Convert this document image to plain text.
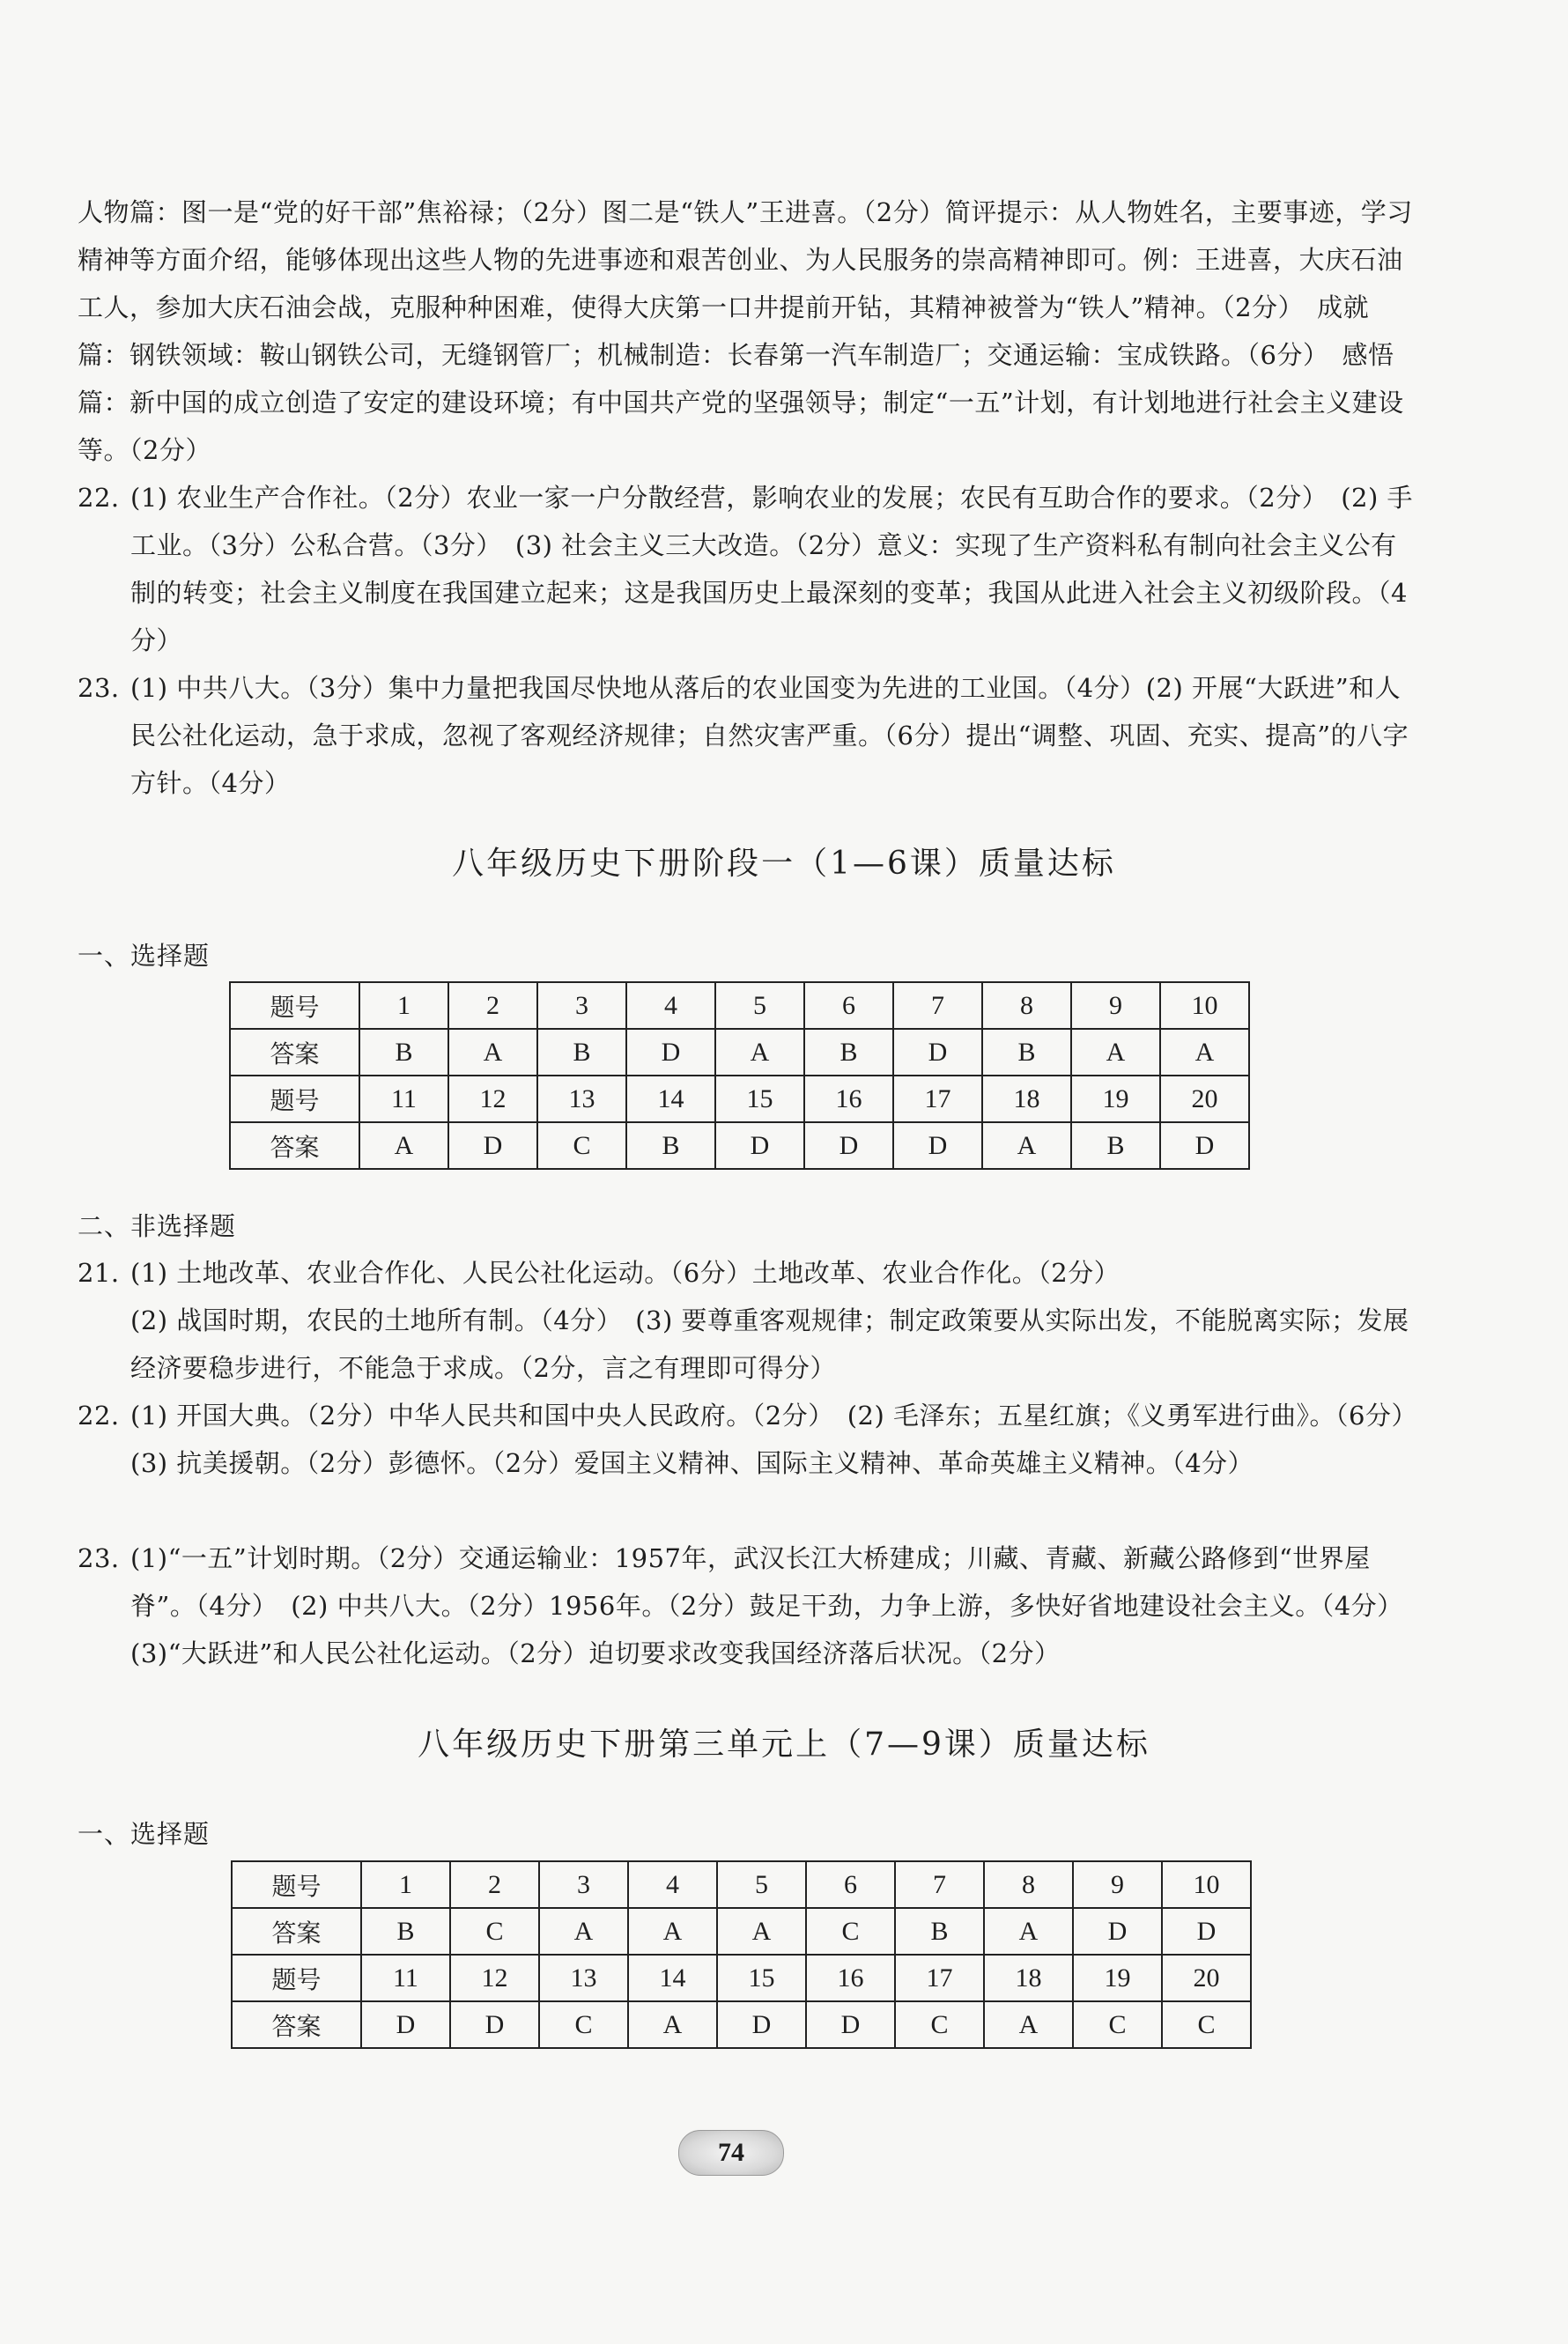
人物篇：图一是“党的好干部”焦裕禄；（2分）图二是“铁人”王进喜。（2分）简评提示：从人物姓名，主要事迹，学习精神等方面介绍，能够体现出这些人物的先进事迹和艰苦创业、为人民服务的崇高精神即可。例：王进喜，大庆石油工人，参加大庆石油会战，克服种种困难，使得大庆第一口井提前开钻，其精神被誉为“铁人”精神。（2分）　成就篇：钢铁领域：鞍山钢铁公司，无缝钢管厂；机械制造：长春第一汽车制造厂；交通运输：宝成铁路。（6分）　感悟篇：新中国的成立创造了安定的建设环境；有中国共产党的坚强领导；制定“一五”计划，有计划地进行社会主义建设等。（2分）

22. (1) 农业生产合作社。（2分）农业一家一户分散经营，影响农业的发展；农民有互助合作的要求。（2分）　(2) 手工业。（3分）公私合营。（3分）　(3) 社会主义三大改造。（2分）意义：实现了生产资料私有制向社会主义公有制的转变；社会主义制度在我国建立起来；这是我国历史上最深刻的变革；我国从此进入社会主义初级阶段。（4分）

23. (1) 中共八大。（3分）集中力量把我国尽快地从落后的农业国变为先进的工业国。（4分）(2) 开展“大跃进”和人民公社化运动，急于求成，忽视了客观经济规律；自然灾害严重。（6分）提出“调整、巩固、充实、提高”的八字方针。（4分）

八年级历史下册阶段一（1—6课）质量达标
一、选择题
题号	1	2	3	4	5	6	7	8	9	10
答案	B	A	B	D	A	B	D	B	A	A
题号	11	12	13	14	15	16	17	18	19	20
答案	A	D	C	B	D	D	D	A	B	D
二、非选择题

21. (1) 土地改革、农业合作化、人民公社化运动。（6分）土地改革、农业合作化。（2分）

(2) 战国时期，农民的土地所有制。（4分）　(3) 要尊重客观规律；制定政策要从实际出发，不能脱离实际；发展经济要稳步进行，不能急于求成。（2分，言之有理即可得分）

22. (1) 开国大典。（2分）中华人民共和国中央人民政府。（2分）　(2) 毛泽东；五星红旗；《义勇军进行曲》。（6分）　(3) 抗美援朝。（2分）彭德怀。（2分）爱国主义精神、国际主义精神、革命英雄主义精神。（4分）

23. (1)“一五”计划时期。（2分）交通运输业：1957年，武汉长江大桥建成；川藏、青藏、新藏公路修到“世界屋脊”。（4分）　(2) 中共八大。（2分）1956年。（2分）鼓足干劲，力争上游，多快好省地建设社会主义。（4分）　(3)“大跃进”和人民公社化运动。（2分）迫切要求改变我国经济落后状况。（2分）

八年级历史下册第三单元上（7—9课）质量达标
一、选择题
题号	1	2	3	4	5	6	7	8	9	10
答案	B	C	A	A	A	C	B	A	D	D
题号	11	12	13	14	15	16	17	18	19	20
答案	D	D	C	A	D	D	C	A	C	C
74
